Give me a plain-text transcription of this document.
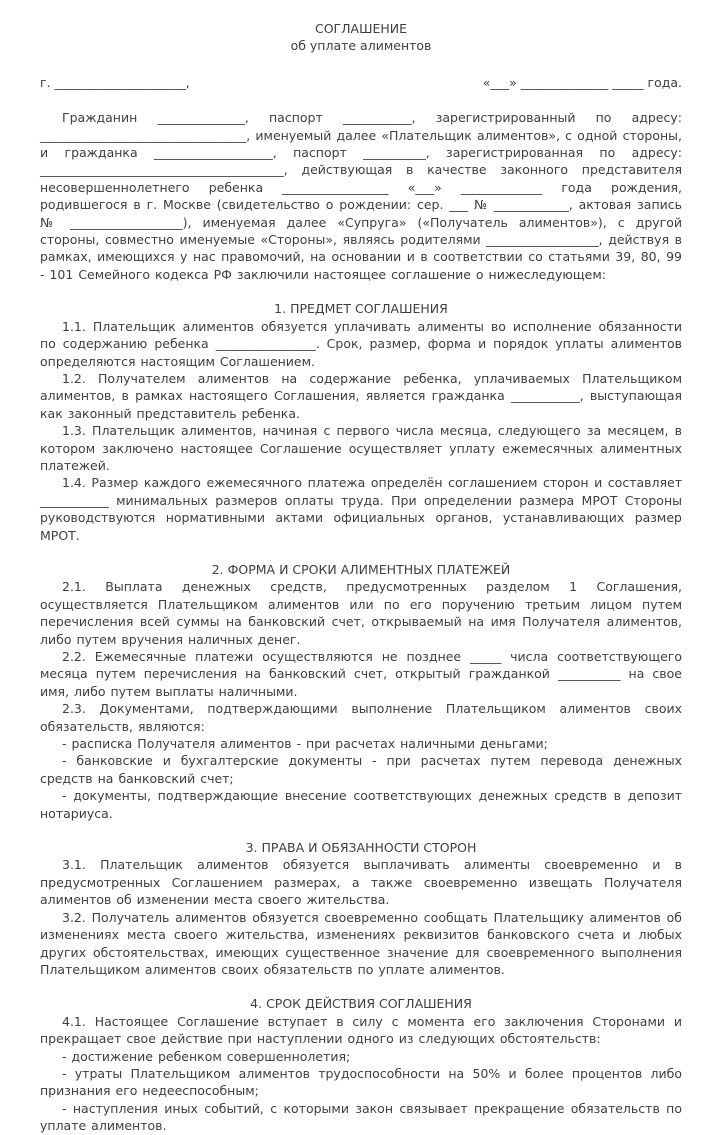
СОГЛАШЕНИЕ
об уплате алиментов
г. _____________________,	«___» ______________ _____ года.

Гражданин ______________, паспорт ___________, зарегистрированный по адресу: _________________________________, именуемый далее «Плательщик алиментов», с одной стороны, и гражданка ___________________, паспорт __________, зарегистрированная по адресу: _______________________________________, действующая в качестве законного представителя несовершеннолетнего ребенка _________________ «___» _____________ года рождения, родившегося в г. Москве (свидетельство о рождении: сер. ___ № ____________, актовая запись № __________________), именуемая далее «Супруга» («Получатель алиментов»), с другой стороны, совместно именуемые «Стороны», являясь родителями __________________, действуя в рамках, имеющихся у нас правомочий, на основании и в соответствии со статьями 39, 80, 99 - 101 Семейного кодекса РФ заключили настоящее соглашение о нижеследующем:

1. ПРЕДМЕТ СОГЛАШЕНИЯ

1.1. Плательщик алиментов обязуется уплачивать алименты во исполнение обязанности по содержанию ребенка ________________. Срок, размер, форма и порядок уплаты алиментов определяются настоящим Соглашением.

1.2. Получателем алиментов на содержание ребенка, уплачиваемых Плательщиком алиментов, в рамках настоящего Соглашения, является гражданка ___________, выступающая как законный представитель ребенка.

1.3. Плательщик алиментов, начиная с первого числа месяца, следующего за месяцем, в котором заключено настоящее Соглашение осуществляет уплату ежемесячных алиментных платежей.

1.4. Размер каждого ежемесячного платежа определён соглашением сторон и составляет ___________ минимальных размеров оплаты труда. При определении размера МРОТ Стороны руководствуются нормативными актами официальных органов, устанавливающих размер МРОТ.

2. ФОРМА И СРОКИ АЛИМЕНТНЫХ ПЛАТЕЖЕЙ

2.1. Выплата денежных средств, предусмотренных разделом 1 Соглашения, осуществляется Плательщиком алиментов или по его поручению третьим лицом путем перечисления всей суммы на банковский счет, открываемый на имя Получателя алиментов, либо путем вручения наличных денег.

2.2. Ежемесячные платежи осуществляются не позднее _____ числа соответствующего месяца путем перечисления на банковский счет, открытый гражданкой __________ на свое имя, либо путем выплаты наличными.

2.3. Документами, подтверждающими выполнение Плательщиком алиментов своих обязательств, являются:

- расписка Получателя алиментов - при расчетах наличными деньгами;

- банковские и бухгалтерские документы - при расчетах путем перевода денежных средств на банковский счет;

- документы, подтверждающие внесение соответствующих денежных средств в депозит нотариуса.

3. ПРАВА И ОБЯЗАННОСТИ СТОРОН

3.1. Плательщик алиментов обязуется выплачивать алименты своевременно и в предусмотренных Соглашением размерах, а также своевременно извещать Получателя алиментов об изменении места своего жительства.

3.2. Получатель алиментов обязуется своевременно сообщать Плательщику алиментов об изменениях места своего жительства, изменениях реквизитов банковского счета и любых других обстоятельствах, имеющих существенное значение для своевременного выполнения Плательщиком алиментов своих обязательств по уплате алиментов.

4. СРОК ДЕЙСТВИЯ СОГЛАШЕНИЯ

4.1. Настоящее Соглашение вступает в силу с момента его заключения Сторонами и прекращает свое действие при наступлении одного из следующих обстоятельств:

- достижение ребенком совершеннолетия;

- утраты Плательщиком алиментов трудоспособности на 50% и более процентов либо признания его недееспособным;

- наступления иных событий, с которыми закон связывает прекращение обязательств по уплате алиментов.
